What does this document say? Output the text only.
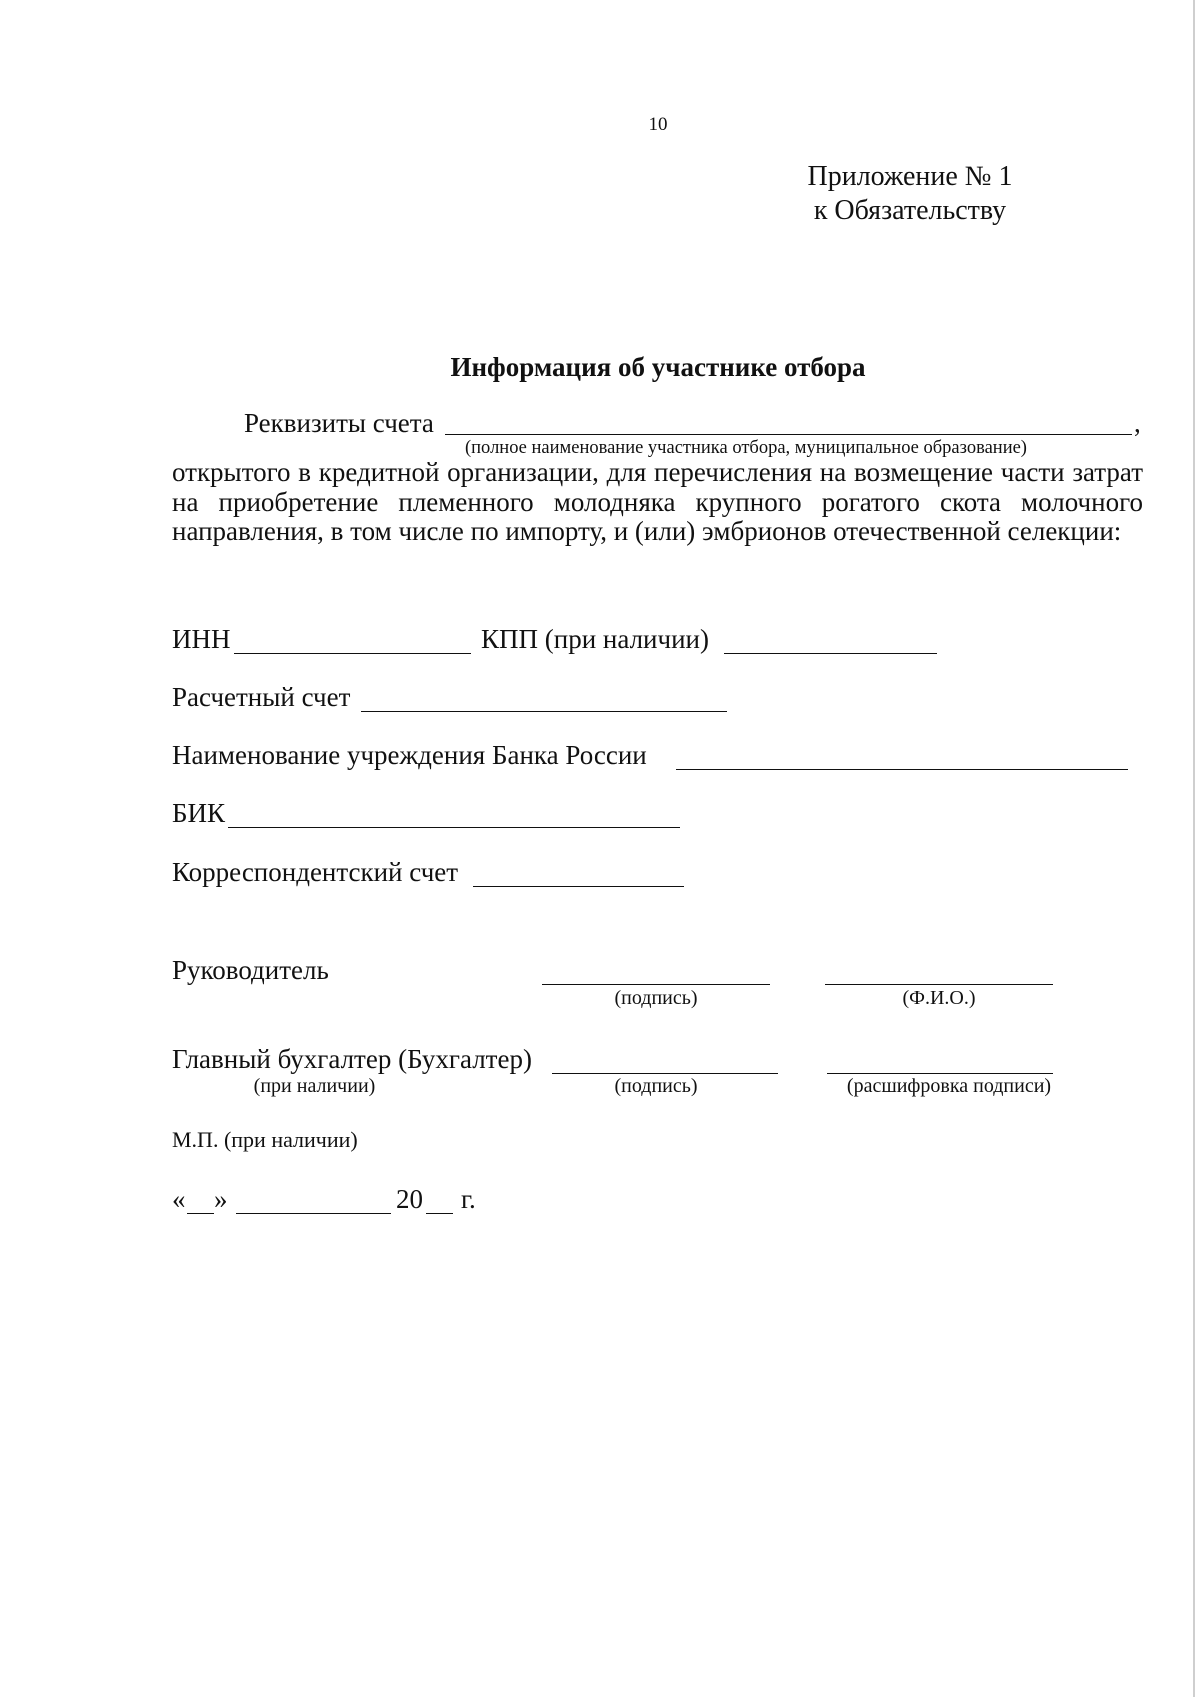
10
Приложение № 1
к Обязательству
Информация об участнике отбора
Реквизиты счета	,
(полное наименование участника отбора, муниципальное образование)
открытого в кредитной организации, для перечисления на возмещение части затрат на приобретение племенного молодняка крупного рогатого скота молочного направления, в том числе по импорту, и (или) эмбрионов отечественной селекции:
ИНН	КПП (при наличии)
Расчетный счет
Наименование учреждения Банка России
БИК
Корреспондентский счет
Руководитель
(подпись)	(Ф.И.О.)
Главный бухгалтер (Бухгалтер)
(при наличии)	(подпись)	(расшифровка подписи)
М.П. (при наличии)
« »	20 г.
